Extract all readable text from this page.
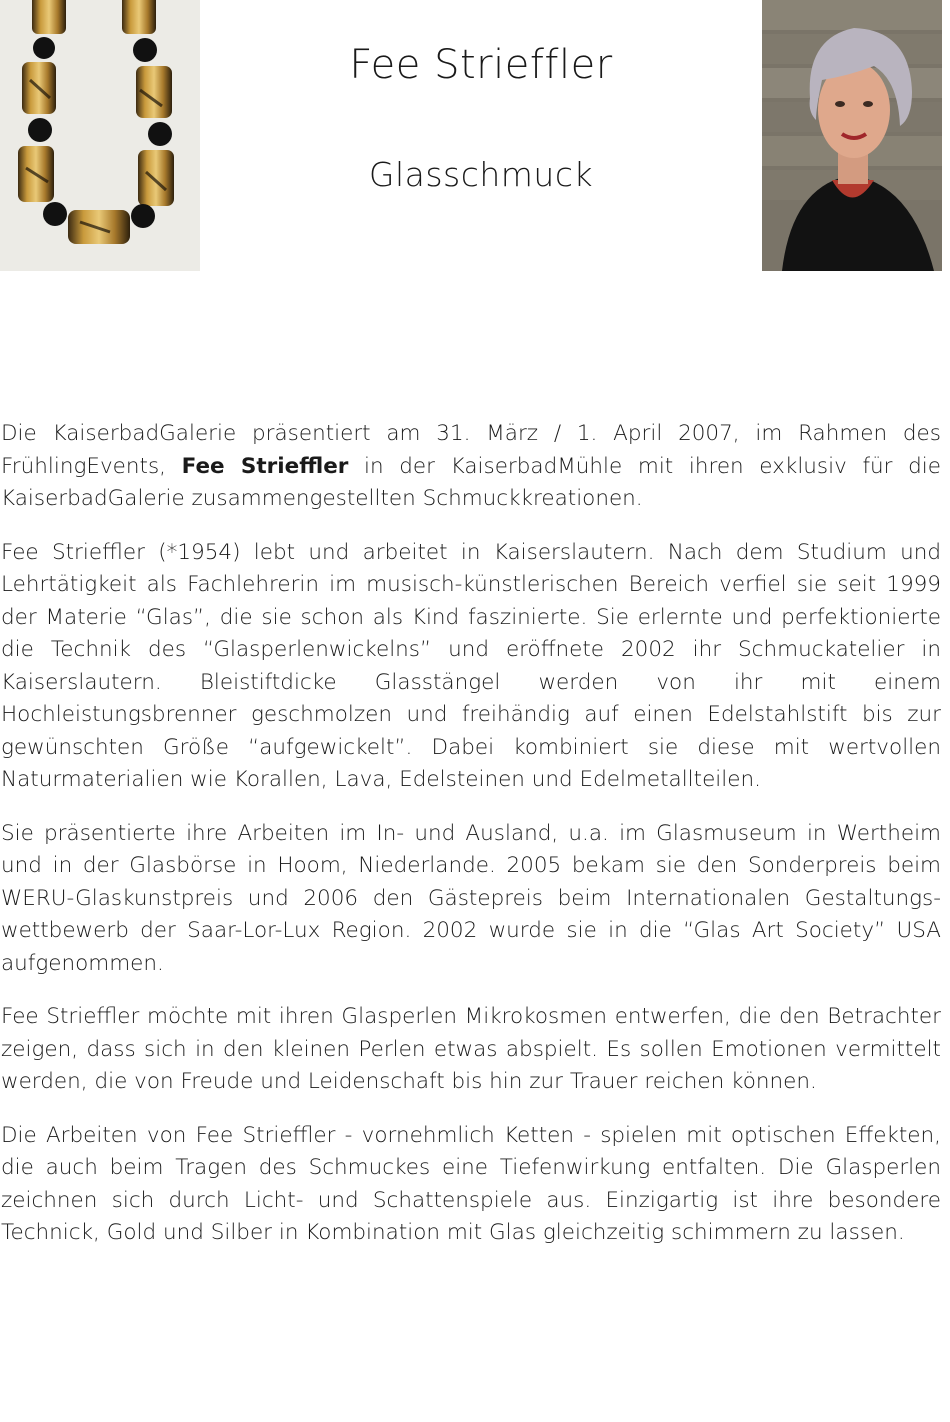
Fee Strieffler
Glasschmuck

Die KaiserbadGalerie präsentiert am 31. März / 1. April 2007, im Rahmen des FrühlingEvents, Fee Strieffler in der KaiserbadMühle mit ihren exklusiv für die KaiserbadGalerie zusammengestellten Schmuckkreationen.

Fee Strieffler (*1954) lebt und arbeitet in Kaiserslautern. Nach dem Studium und Lehrtätigkeit als Fachlehrerin im musisch-künstlerischen Bereich verfiel sie seit 1999 der Materie “Glas”, die sie schon als Kind faszinierte. Sie erlernte und perfektionierte die Technik des “Glasperlenwickelns” und eröffnete 2002 ihr Schmuckatelier in Kaiserslautern. Bleistiftdicke Glasstängel werden von ihr mit einem Hochleistungsbrenner geschmolzen und freihändig auf einen Edelstahlstift bis zur gewünschten Größe “aufgewickelt”. Dabei kombiniert sie diese mit wertvollen Naturmaterialien wie Korallen, Lava, Edelsteinen und Edelmetallteilen.

Sie präsentierte ihre Arbeiten im In- und Ausland, u.a. im Glasmuseum in Wertheim und in der Glasbörse in Hoom, Niederlande. 2005 bekam sie den Sonderpreis beim WERU-Glaskunstpreis und 2006 den Gästepreis beim Internationalen Gestaltungs-wettbewerb der Saar-Lor-Lux Region. 2002 wurde sie in die “Glas Art Society” USA aufgenommen.

Fee Strieffler möchte mit ihren Glasperlen Mikrokosmen entwerfen, die den Betrachter zeigen, dass sich in den kleinen Perlen etwas abspielt. Es sollen Emotionen vermittelt werden, die von Freude und Leidenschaft bis hin zur Trauer reichen können.

Die Arbeiten von Fee Strieffler - vornehmlich Ketten - spielen mit optischen Effekten, die auch beim Tragen des Schmuckes eine Tiefenwirkung entfalten. Die Glasperlen zeichnen sich durch Licht- und Schattenspiele aus. Einzigartig ist ihre besondere Technick, Gold und Silber in Kombination mit Glas gleichzeitig schimmern zu lassen.
